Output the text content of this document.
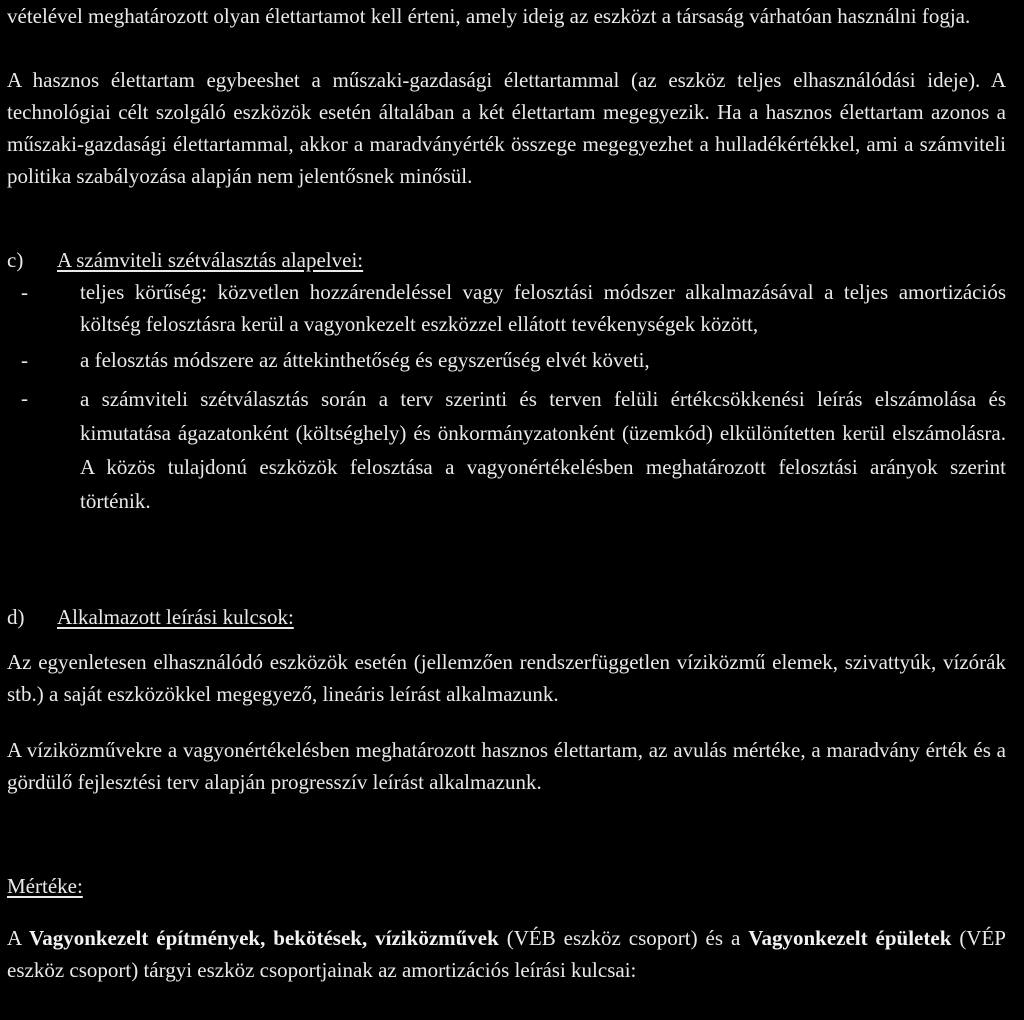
vételével meghatározott olyan élettartamot kell érteni, amely ideig az eszközt a társaság várhatóan használni fogja.

A hasznos élettartam egybeeshet a műszaki-gazdasági élettartammal (az eszköz teljes elhasználódási ideje). A technológiai célt szolgáló eszközök esetén általában a két élettartam megegyezik. Ha a hasznos élettartam azonos a műszaki-gazdasági élettartammal, akkor a maradványérték összege megegyezhet a hulladékértékkel, ami a számviteli politika szabályozása alapján nem jelentősnek minősül.

c) A számviteli szétválasztás alapelvei:
- teljes körűség: közvetlen hozzárendeléssel vagy felosztási módszer alkalmazásával a teljes amortizációs költség felosztásra kerül a vagyonkezelt eszközzel ellátott tevékenységek között,

- a felosztás módszere az áttekinthetőség és egyszerűség elvét követi,

- a számviteli szétválasztás során a terv szerinti és terven felüli értékcsökkenési leírás elszámolása és kimutatása ágazatonként (költséghely) és önkormányzatonként (üzemkód) elkülönítetten kerül elszámolásra. A közös tulajdonú eszközök felosztása a vagyonértékelésben meghatározott felosztási arányok szerint történik.

d) Alkalmazott leírási kulcsok:

Az egyenletesen elhasználódó eszközök esetén (jellemzően rendszerfüggetlen víziközmű elemek, szivattyúk, vízórák stb.) a saját eszközökkel megegyező, lineáris leírást alkalmazunk.

A víziközművekre a vagyonértékelésben meghatározott hasznos élettartam, az avulás mértéke, a maradvány érték és a gördülő fejlesztési terv alapján progresszív leírást alkalmazunk.

Mértéke:

A Vagyonkezelt építmények, bekötések, víziközművek (VÉB eszköz csoport) és a Vagyonkezelt épületek (VÉP eszköz csoport) tárgyi eszköz csoportjainak az amortizációs leírási kulcsai:
